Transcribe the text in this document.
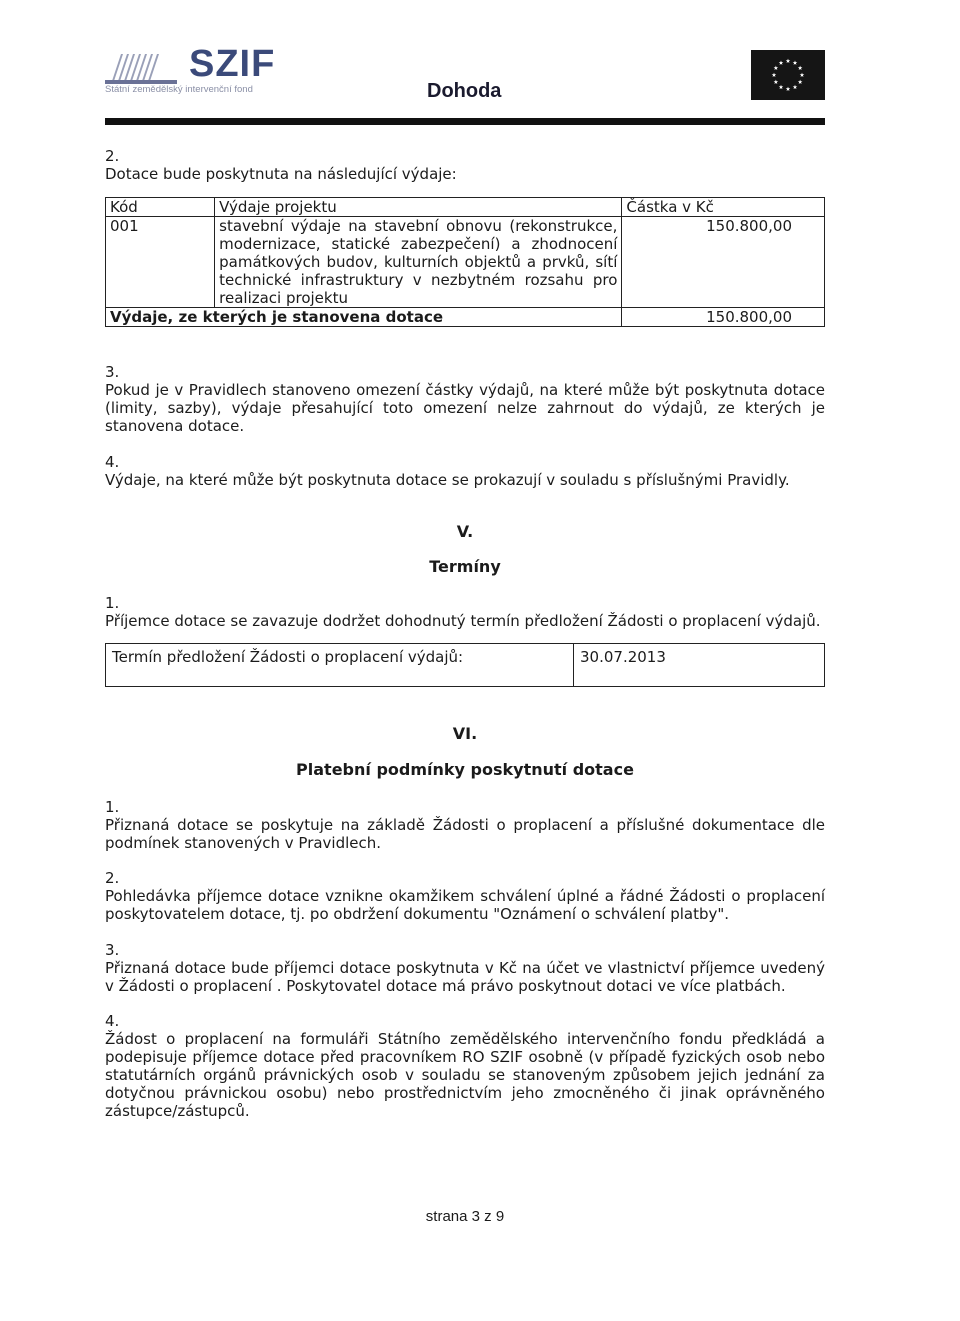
SZIF
Státní zemědělský intervenční fond	Dohoda
2.
Dotace bude poskytnuta na následující výdaje:
Kód	Výdaje projektu	Částka v Kč
001	stavební výdaje na stavební obnovu (rekonstrukce, modernizace, statické zabezpečení) a zhodnocení památkových budov, kulturních objektů a prvků, sítí technické infrastruktury v nezbytném rozsahu pro realizaci projektu	150.800,00
Výdaje, ze kterých je stanovena dotace		150.800,00
3.
Pokud je v Pravidlech stanoveno omezení částky výdajů, na které může být poskytnuta dotace (limity, sazby), výdaje přesahující toto omezení nelze zahrnout do výdajů, ze kterých je stanovena dotace.
4.
Výdaje, na které může být poskytnuta dotace se prokazují v souladu s příslušnými Pravidly.
V.
Termíny
1.
Příjemce dotace se zavazuje dodržet dohodnutý termín předložení Žádosti o proplacení výdajů.
Termín předložení Žádosti o proplacení výdajů:	30.07.2013
VI.
Platební podmínky poskytnutí dotace
1.
Přiznaná dotace se poskytuje na základě Žádosti o proplacení a příslušné dokumentace dle podmínek stanovených v Pravidlech.
2.
Pohledávka příjemce dotace vznikne okamžikem schválení úplné a řádné Žádosti o proplacení poskytovatelem dotace, tj. po obdržení dokumentu "Oznámení o schválení platby".
3.
Přiznaná dotace bude příjemci dotace poskytnuta v Kč na účet ve vlastnictví příjemce uvedený v Žádosti o proplacení . Poskytovatel dotace má právo poskytnout dotaci ve více platbách.
4.
Žádost o proplacení na formuláři Státního zemědělského intervenčního fondu předkládá a podepisuje příjemce dotace před pracovníkem RO SZIF osobně (v případě fyzických osob nebo statutárních orgánů právnických osob v souladu se stanoveným způsobem jejich jednání za dotyčnou právnickou osobu) nebo prostřednictvím jeho zmocněného či jinak oprávněného zástupce/zástupců.
strana 3 z 9
